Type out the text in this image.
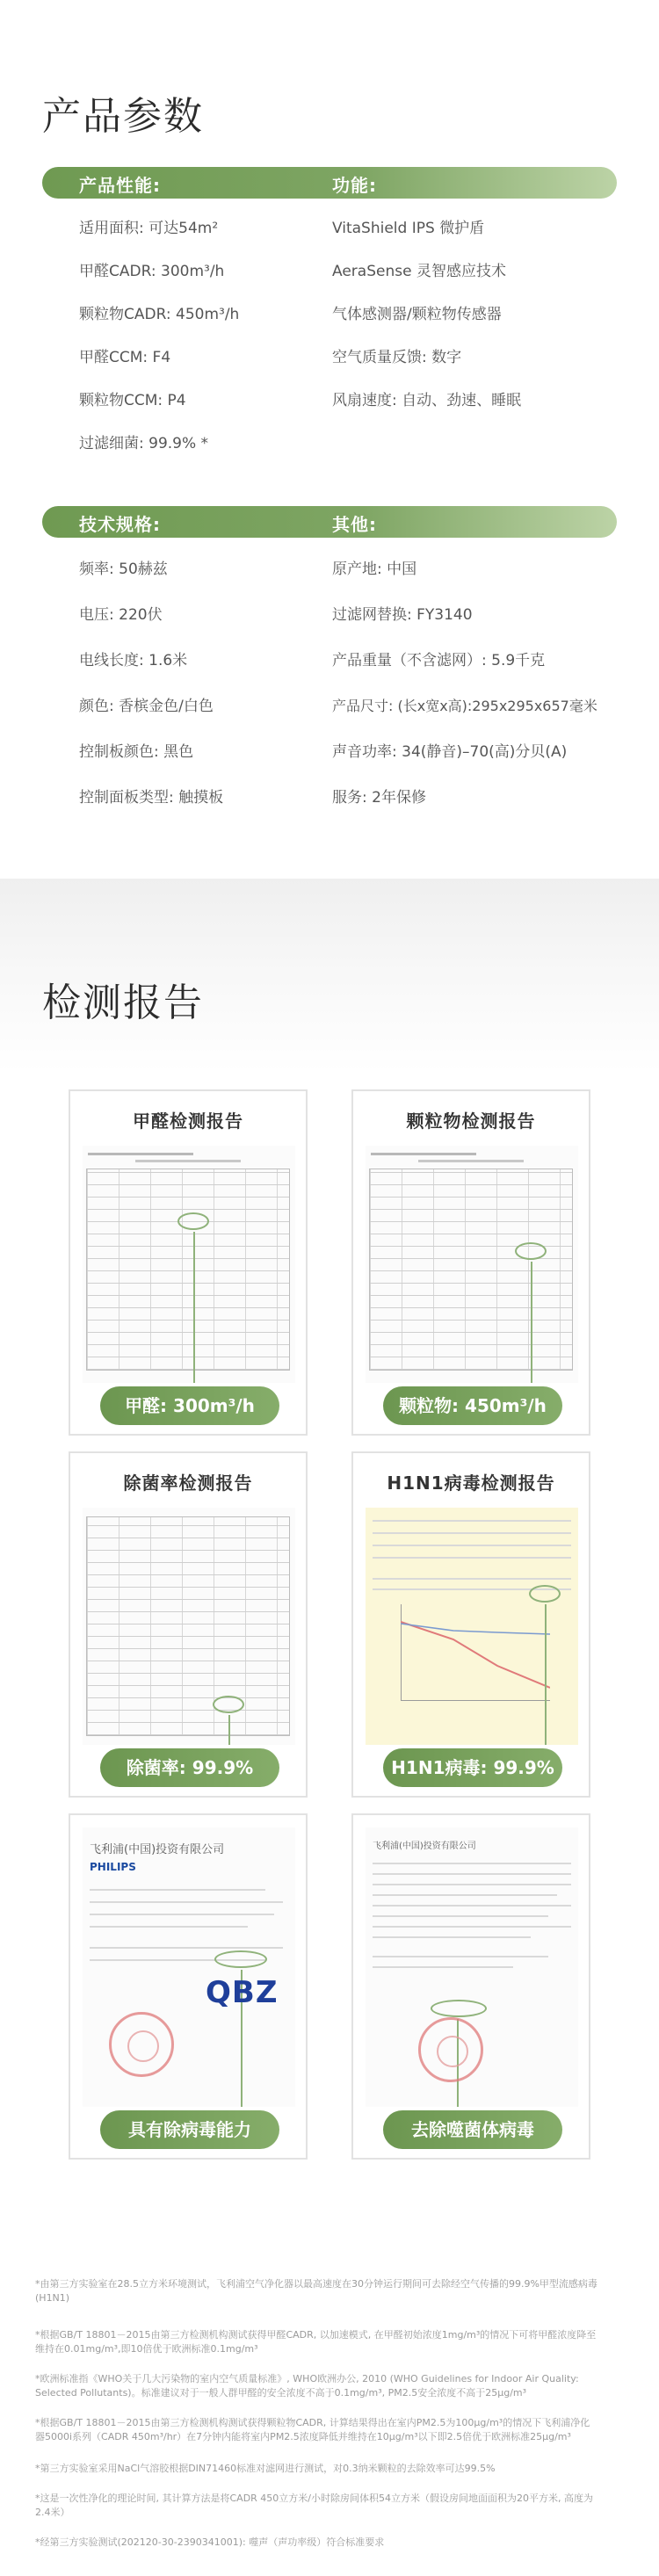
产品参数
产品性能:	功能:
适用面积: 可达54m²
甲醛CADR: 300m³/h
颗粒物CADR: 450m³/h
甲醛CCM: F4
颗粒物CCM: P4
过滤细菌: 99.9% *
VitaShield IPS 微护盾
AeraSense 灵智感应技术
气体感测器/颗粒物传感器
空气质量反馈: 数字
风扇速度: 自动、劲速、睡眠
技术规格:	其他:
频率: 50赫兹
电压: 220伏
电线长度: 1.6米
颜色: 香槟金色/白色
控制板颜色: 黑色
控制面板类型: 触摸板
原产地: 中国
过滤网替换: FY3140
产品重量（不含滤网）: 5.9千克
产品尺寸: (长x宽x高):295x295x657毫米
声音功率: 34(静音)–70(高)分贝(A)
服务: 2年保修
检测报告
甲醛检测报告
甲醛: 300m³/h
颗粒物检测报告
颗粒物: 450m³/h
除菌率检测报告
除菌率: 99.9%
H1N1病毒检测报告
H1N1病毒: 99.9%
飞利浦(中国)投资有限公司
PHILIPS
QBZ
具有除病毒能力
飞利浦(中国)投资有限公司
去除噬菌体病毒

*由第三方实验室在28.5立方米环境测试，飞利浦空气净化器以最高速度在30分钟运行期间可去除经空气传播的99.9%甲型流感病毒(H1N1)

*根据GB/T 18801－2015由第三方检测机构测试获得甲醛CADR, 以加速模式, 在甲醛初始浓度1mg/m³的情况下可将甲醛浓度降至维持在0.01mg/m³,即10倍优于欧洲标准0.1mg/m³

*欧洲标准指《WHO关于几大污染物的室内空气质量标准》, WHO欧洲办公, 2010 (WHO Guidelines for Indoor Air Quality: Selected Pollutants)。标准建议对于一般人群甲醛的安全浓度不高于0.1mg/m³, PM2.5安全浓度不高于25μg/m³

*根据GB/T 18801－2015由第三方检测机构测试获得颗粒物CADR, 计算结果得出在室内PM2.5为100μg/m³的情况下飞利浦净化器5000i系列（CADR 450m³/hr）在7分钟内能将室内PM2.5浓度降低并维持在10μg/m³以下即2.5倍优于欧洲标准25μg/m³

*第三方实验室采用NaCl气溶胶根据DIN71460标准对滤网进行测试，对0.3纳米颗粒的去除效率可达99.5%

*这是一次性净化的理论时间, 其计算方法是将CADR 450立方米/小时除房间体积54立方米（假设房间地面面积为20平方米, 高度为2.4米）

*经第三方实验测试(202120-30-2390341001): 噬声（声功率级）符合标准要求
